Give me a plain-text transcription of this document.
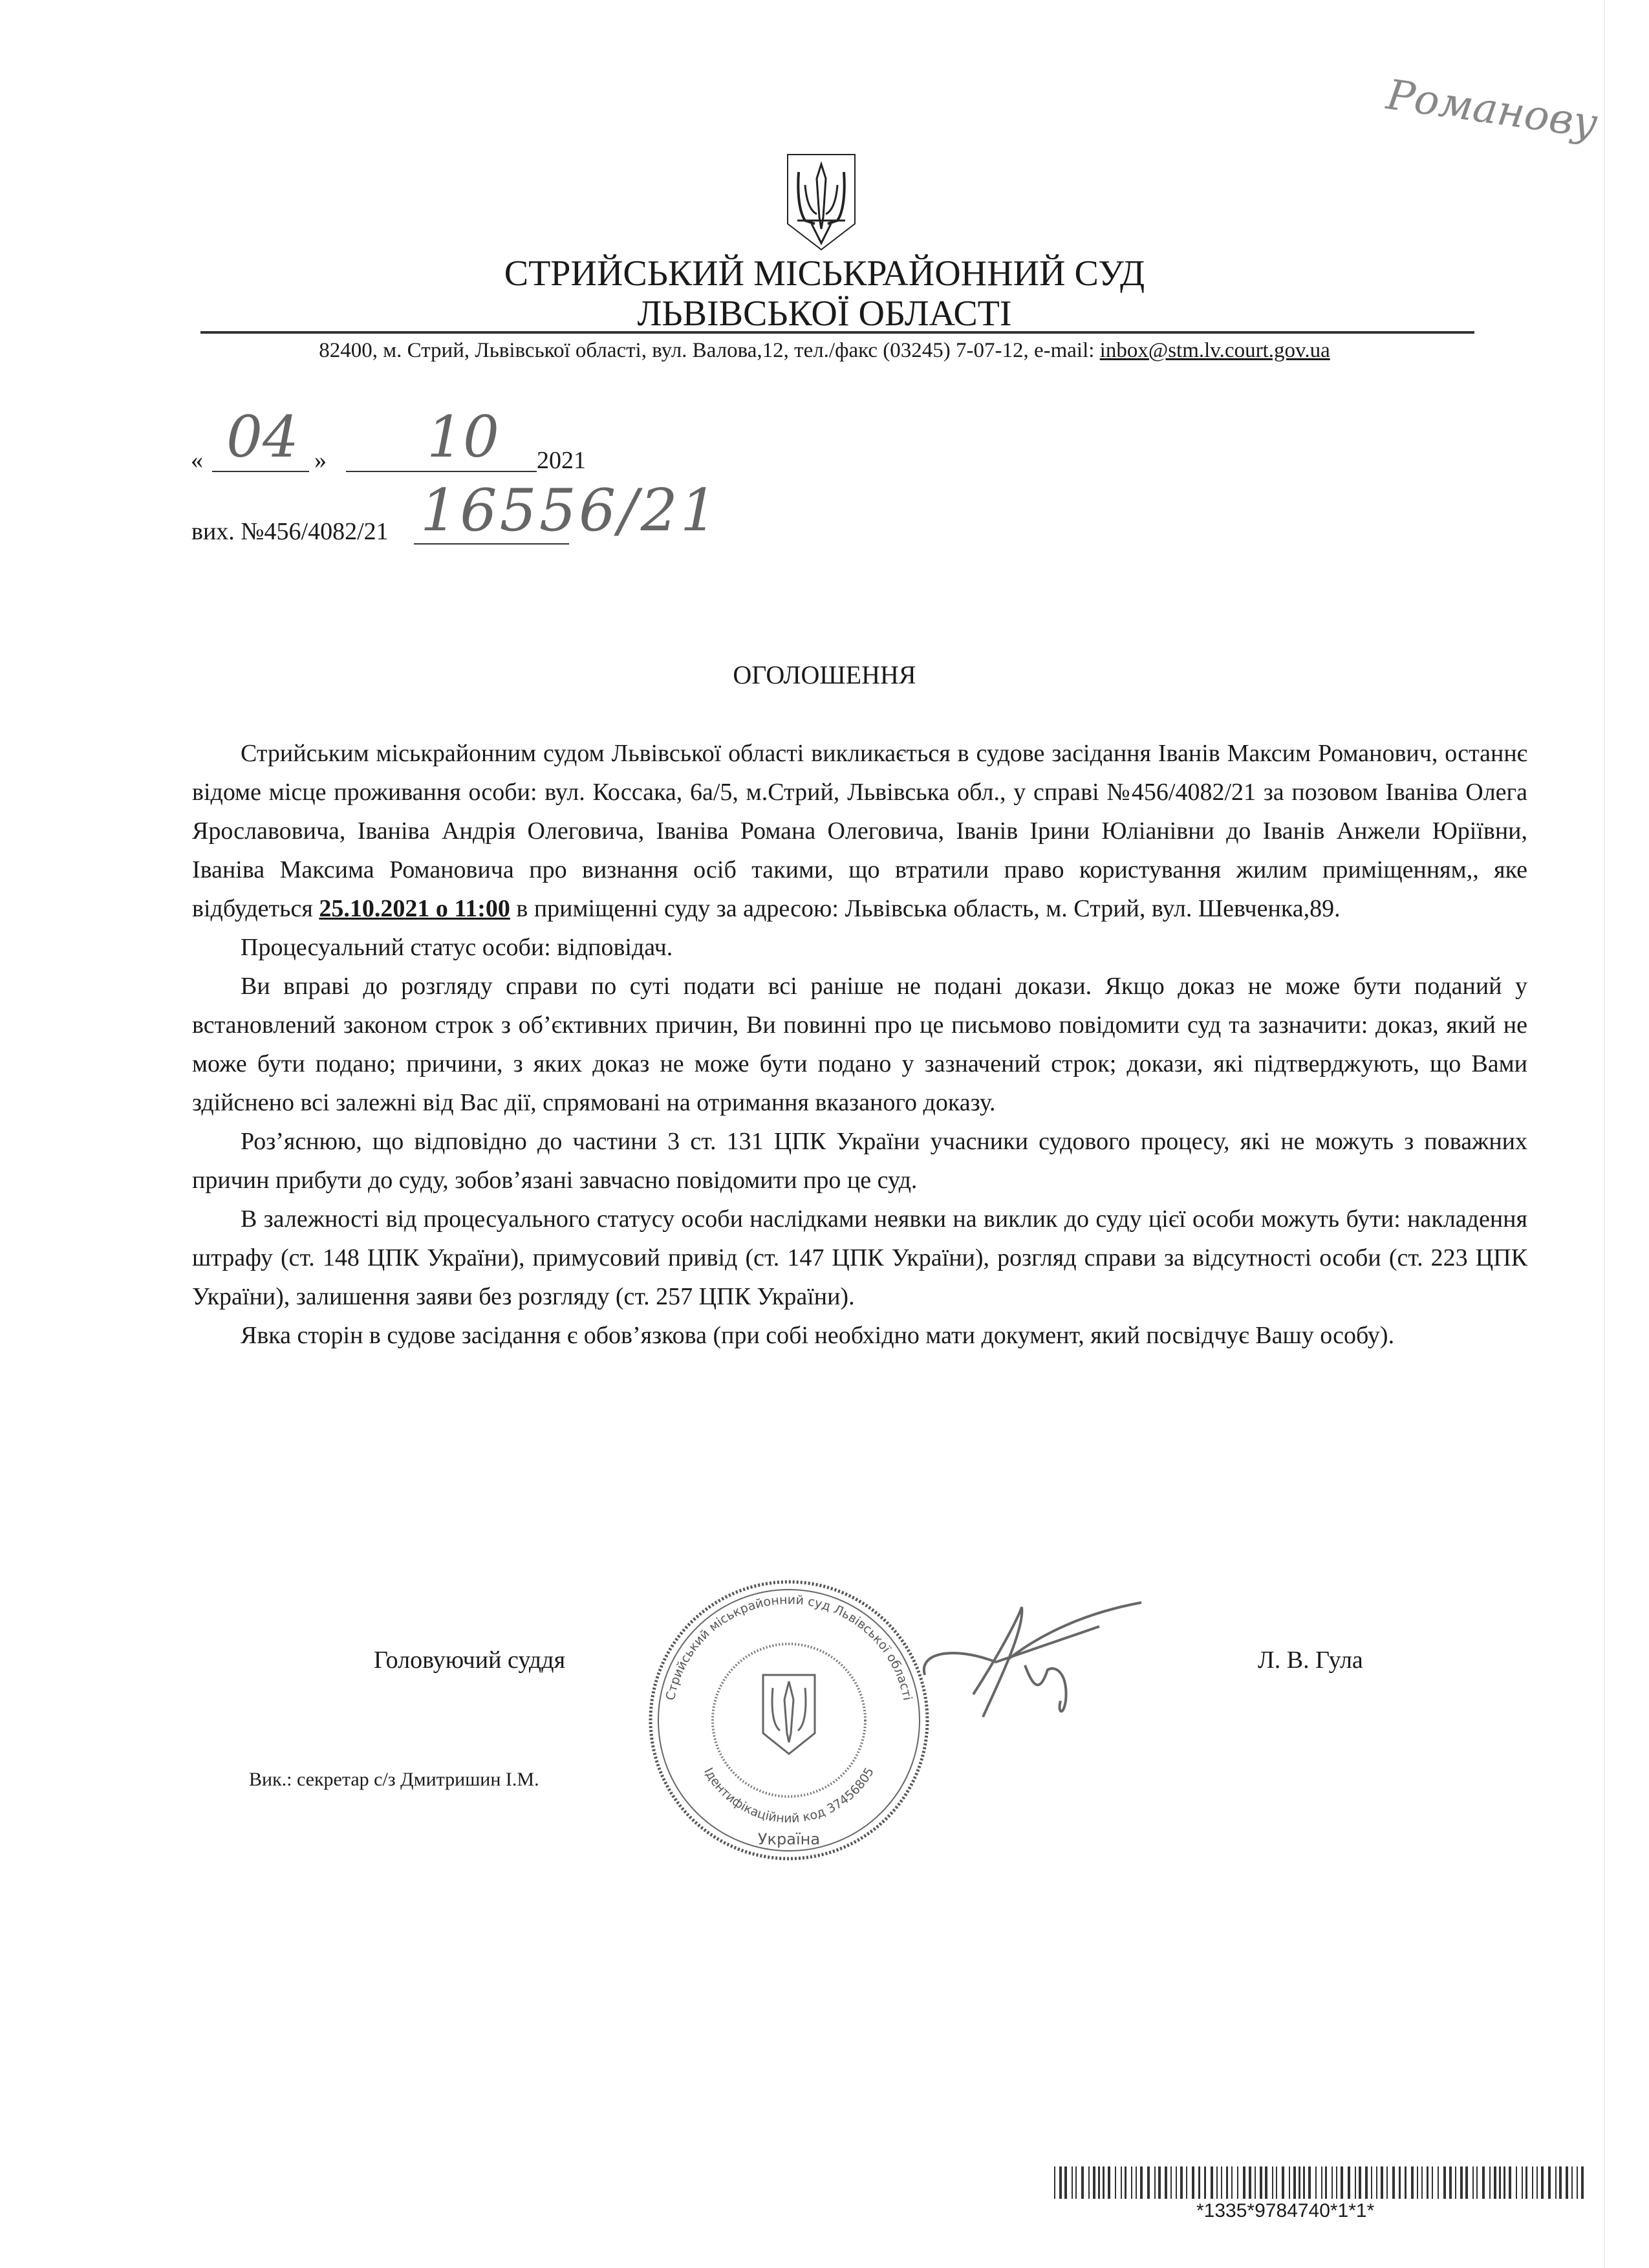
Романову
СТРИЙСЬКИЙ МІСЬКРАЙОННИЙ СУД
ЛЬВІВСЬКОЇ ОБЛАСТІ
82400, м. Стрий, Львівської області, вул. Валова,12, тел./факс (03245) 7-07-12, e-mail: inbox@stm.lv.court.gov.ua
« 04 » 10 2021
вих. №456/4082/21 16556/21
ОГОЛОШЕННЯ

Стрийським міськрайонним судом Львівської області викликається в судове засідання Іванів Максим Романович, останнє відоме місце проживання особи: вул. Коссака, 6а/5, м.Стрий, Львівська обл., у справі №456/4082/21 за позовом Іваніва Олега Ярославовича, Іваніва Андрія Олеговича, Іваніва Романа Олеговича, Іванів Ірини Юліанівни до Іванів Анжели Юріївни, Іваніва Максима Романовича про визнання осіб такими, що втратили право користування жилим приміщенням,, яке відбудеться 25.10.2021 о 11:00 в приміщенні суду за адресою: Львівська область, м. Стрий, вул. Шевченка,89.

Процесуальний статус особи: відповідач.

Ви вправі до розгляду справи по суті подати всі раніше не подані докази. Якщо доказ не може бути поданий у встановлений законом строк з об’єктивних причин, Ви повинні про це письмово повідомити суд та зазначити: доказ, який не може бути подано; причини, з яких доказ не може бути подано у зазначений строк; докази, які підтверджують, що Вами здійснено всі залежні від Вас дії, спрямовані на отримання вказаного доказу.

Роз’яснюю, що відповідно до частини 3 ст. 131 ЦПК України учасники судового процесу, які не можуть з поважних причин прибути до суду, зобов’язані завчасно повідомити про це суд.

В залежності від процесуального статусу особи наслідками неявки на виклик до суду цієї особи можуть бути: накладення штрафу (ст. 148 ЦПК України), примусовий привід (ст. 147 ЦПК України), розгляд справи за відсутності особи (ст. 223 ЦПК України), залишення заяви без розгляду (ст. 257 ЦПК України).

Явка сторін в судове засідання є обов’язкова (при собі необхідно мати документ, який посвідчує Вашу особу).

Головуючий суддя	Л. В. Гула
Вик.: секретар с/з Дмитришин І.М.
Стрийський міськрайонний суд Львівської області
Ідентифікаційний код 37456805
Україна
*1335*9784740*1*1*
